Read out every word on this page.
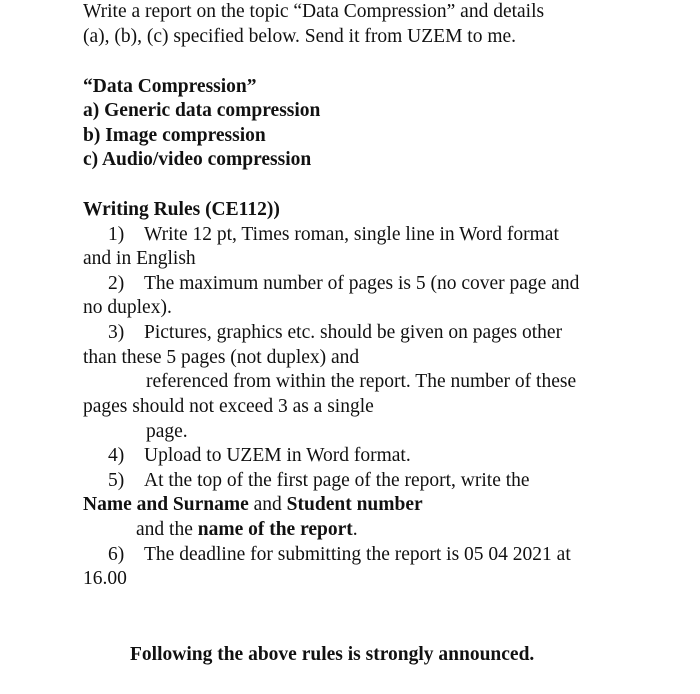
Write a report on the topic “Data Compression” and details
(a), (b), (c) specified below. Send it from UZEM to me.
“Data Compression”
a) Generic data compression
b) Image compression
c) Audio/video compression
Writing Rules (CE112))
1) Write 12 pt, Times roman, single line in Word format
and in English
2) The maximum number of pages is 5 (no cover page and
no duplex).
3) Pictures, graphics etc. should be given on pages other
than these 5 pages (not duplex) and
referenced from within the report. The number of these
pages should not exceed 3 as a single
page.
4) Upload to UZEM in Word format.
5) At the top of the first page of the report, write the
Name and Surname and Student number
and the name of the report.
6) The deadline for submitting the report is 05 04 2021 at
16.00
Following the above rules is strongly announced.
